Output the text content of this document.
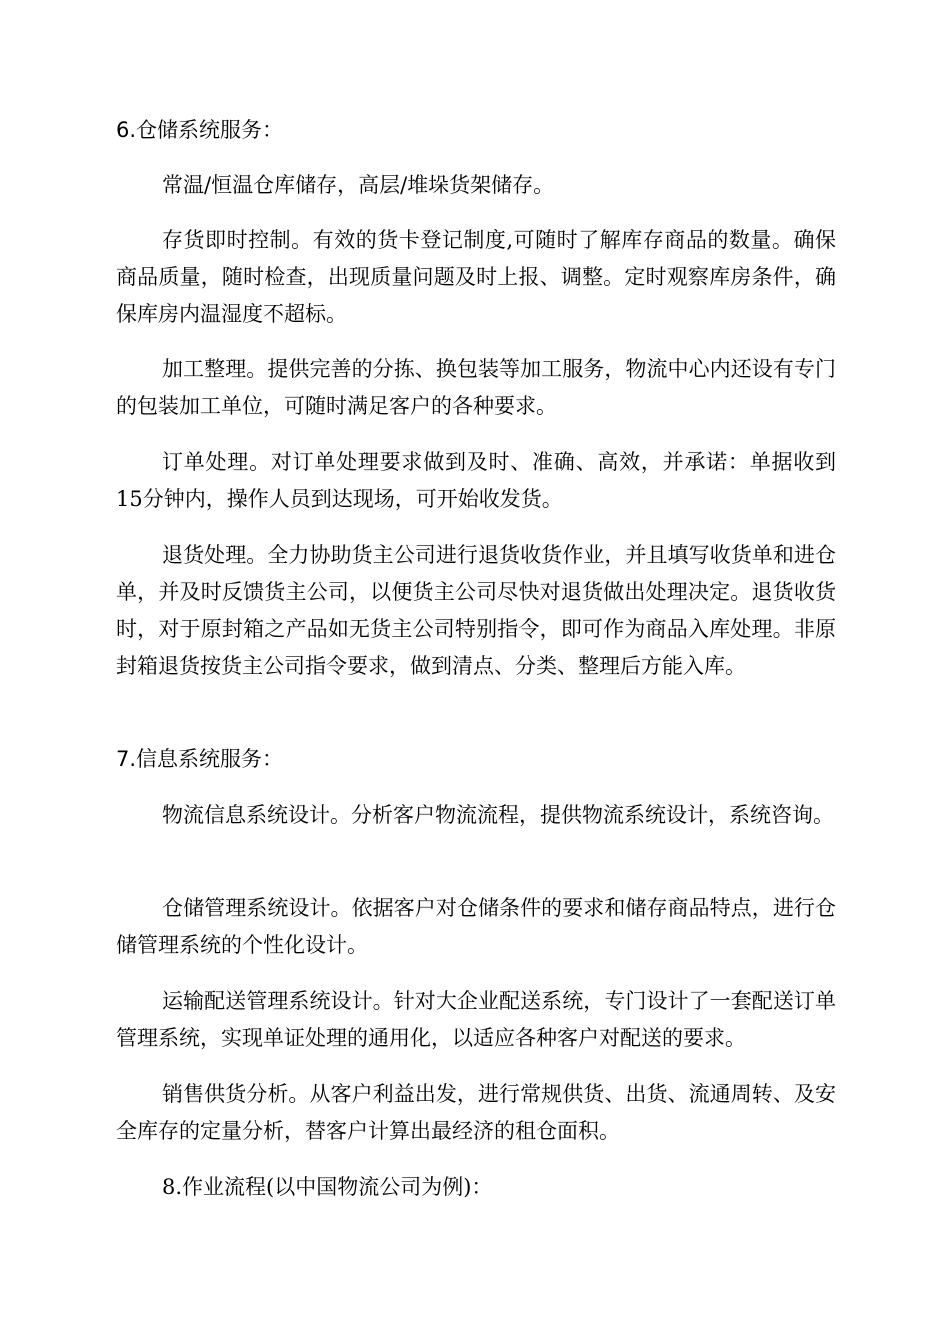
6.仓储系统服务：
常温/恒温仓库储存，高层/堆垛货架储存。
存货即时控制。有效的货卡登记制度,可随时了解库存商品的数量。确保商品质量，随时检查，出现质量问题及时上报、调整。定时观察库房条件，确保库房内温湿度不超标。
加工整理。提供完善的分拣、换包装等加工服务，物流中心内还设有专门的包装加工单位，可随时满足客户的各种要求。
订单处理。对订单处理要求做到及时、准确、高效，并承诺：单据收到15分钟内，操作人员到达现场，可开始收发货。
退货处理。全力协助货主公司进行退货收货作业，并且填写收货单和进仓单，并及时反馈货主公司，以便货主公司尽快对退货做出处理决定。退货收货时，对于原封箱之产品如无货主公司特别指令，即可作为商品入库处理。非原封箱退货按货主公司指令要求，做到清点、分类、整理后方能入库。
7.信息系统服务：
物流信息系统设计。分析客户物流流程，提供物流系统设计，系统咨询。
仓储管理系统设计。依据客户对仓储条件的要求和储存商品特点，进行仓储管理系统的个性化设计。
运输配送管理系统设计。针对大企业配送系统，专门设计了一套配送订单管理系统，实现单证处理的通用化，以适应各种客户对配送的要求。
销售供货分析。从客户利益出发，进行常规供货、出货、流通周转、及安全库存的定量分析，替客户计算出最经济的租仓面积。
8.作业流程(以中国物流公司为例)：
